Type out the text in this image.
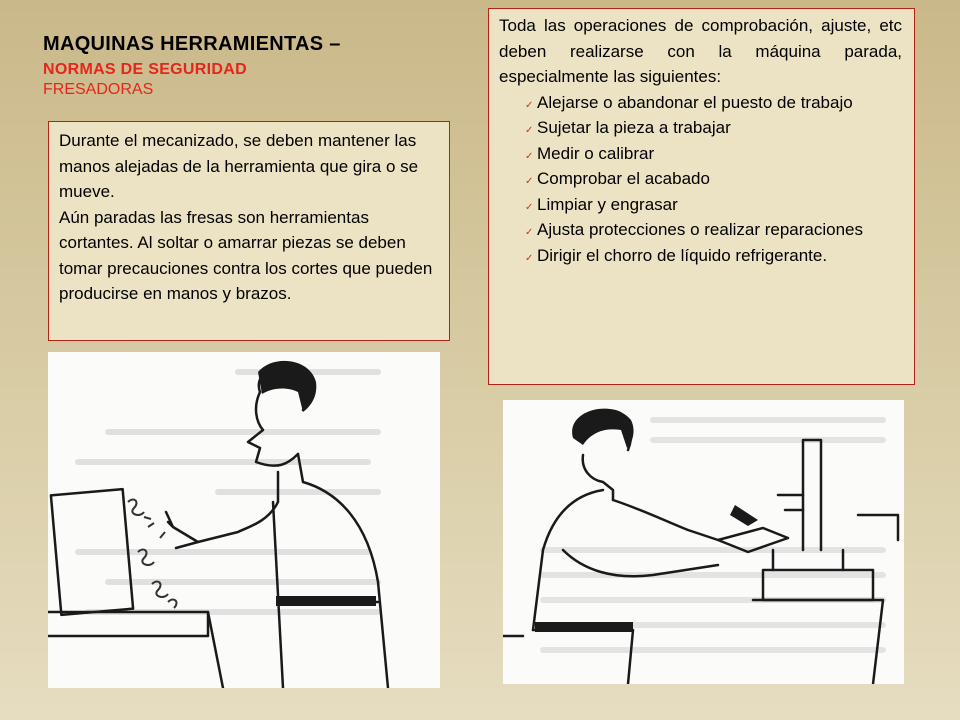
MAQUINAS HERRAMIENTAS –
NORMAS DE SEGURIDAD
FRESADORAS

Durante el mecanizado, se deben mantener las manos alejadas de la herramienta que gira o se mueve.

Aún paradas las fresas son herramientas cortantes. Al soltar o amarrar piezas se deben tomar precauciones contra los cortes que pueden producirse en manos y brazos.

Toda las operaciones de comprobación, ajuste, etc deben realizarse con la máquina parada, especialmente las siguientes:

✓ Alejarse o abandonar el puesto de trabajo
✓ Sujetar la pieza a trabajar
✓ Medir o calibrar
✓ Comprobar el acabado
✓ Limpiar y engrasar
✓ Ajusta protecciones o realizar reparaciones
✓ Dirigir el chorro de líquido refrigerante.
